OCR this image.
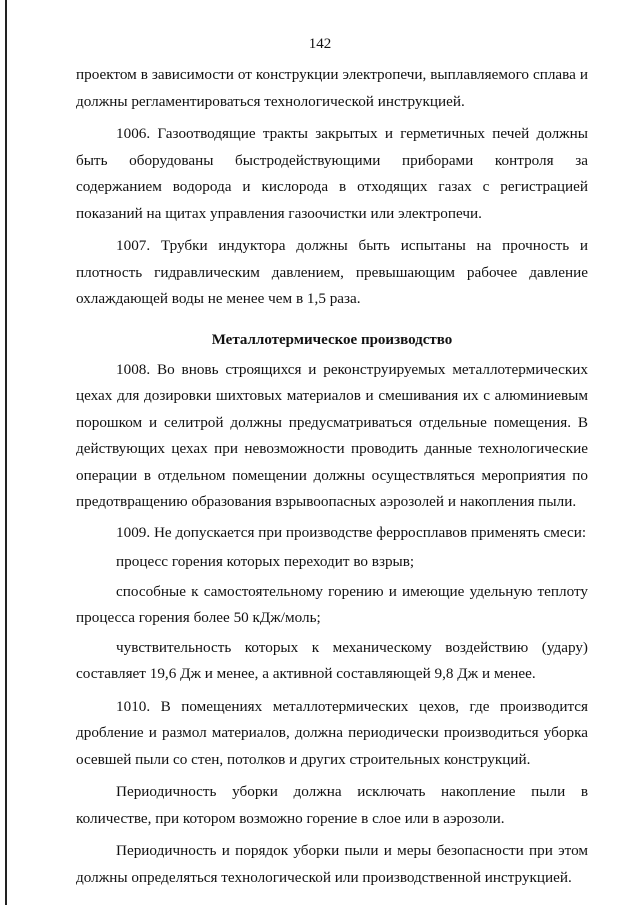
142

проектом в зависимости от конструкции электропечи, выплавляемого сплава и должны регламентироваться технологической инструкцией.

1006. Газоотводящие тракты закрытых и герметичных печей должны быть оборудованы быстродействующими приборами контроля за содержанием водорода и кислорода в отходящих газах с регистрацией показаний на щитах управления газоочистки или электропечи.

1007. Трубки индуктора должны быть испытаны на прочность и плотность гидравлическим давлением, превышающим рабочее давление охлаждающей воды не менее чем в 1,5 раза.

Металлотермическое производство

1008. Во вновь строящихся и реконструируемых металлотермических цехах для дозировки шихтовых материалов и смешивания их с алюминиевым порошком и селитрой должны предусматриваться отдельные помещения. В действующих цехах при невозможности проводить данные технологические операции в отдельном помещении должны осуществляться мероприятия по предотвращению образования взрывоопасных аэрозолей и накопления пыли.

1009. Не допускается при производстве ферросплавов применять смеси:

процесс горения которых переходит во взрыв;

способные к самостоятельному горению и имеющие удельную теплоту процесса горения более 50 кДж/моль;

чувствительность которых к механическому воздействию (удару) составляет 19,6 Дж и менее, а активной составляющей 9,8 Дж и менее.

1010. В помещениях металлотермических цехов, где производится дробление и размол материалов, должна периодически производиться уборка осевшей пыли со стен, потолков и других строительных конструкций.

Периодичность уборки должна исключать накопление пыли в количестве, при котором возможно горение в слое или в аэрозоли.

Периодичность и порядок уборки пыли и меры безопасности при этом должны определяться технологической или производственной инструкцией.
